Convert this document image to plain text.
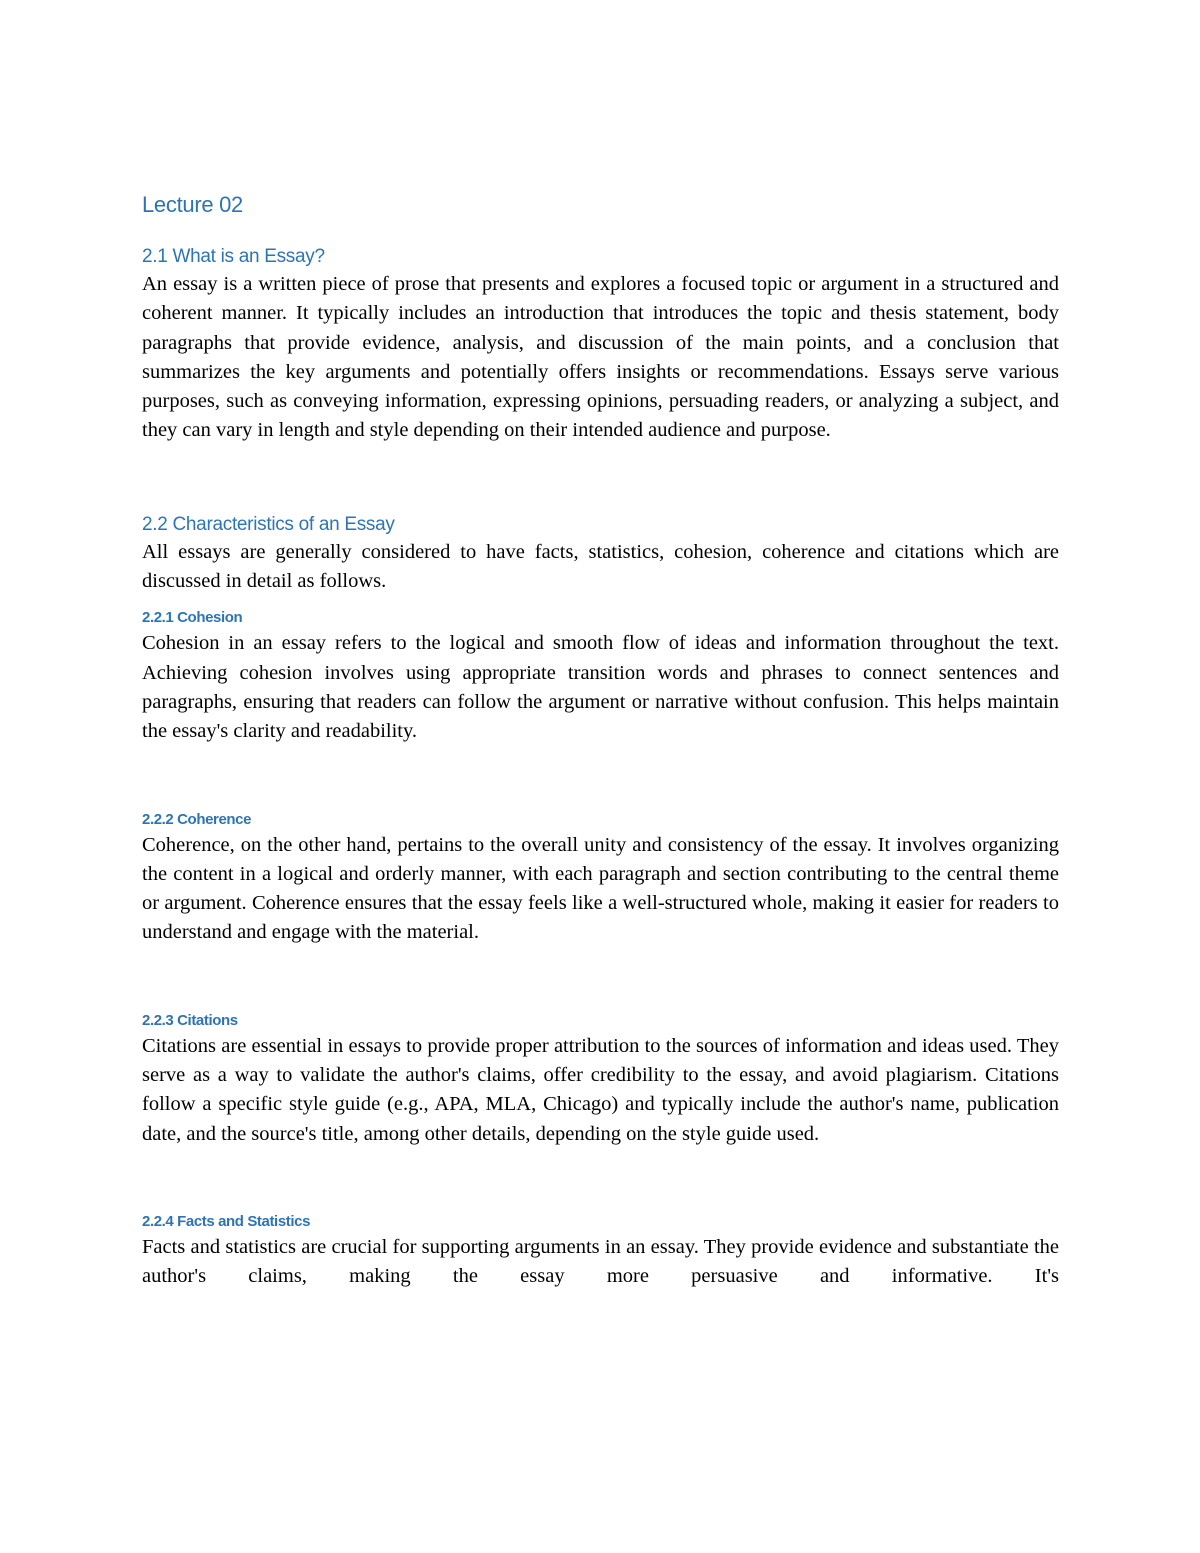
Lecture 02
2.1 What is an Essay?

An essay is a written piece of prose that presents and explores a focused topic or argument in a structured and coherent manner. It typically includes an introduction that introduces the topic and thesis statement, body paragraphs that provide evidence, analysis, and discussion of the main points, and a conclusion that summarizes the key arguments and potentially offers insights or recommendations. Essays serve various purposes, such as conveying information, expressing opinions, persuading readers, or analyzing a subject, and they can vary in length and style depending on their intended audience and purpose.

2.2 Characteristics of an Essay

All essays are generally considered to have facts, statistics, cohesion, coherence and citations which are discussed in detail as follows.

2.2.1 Cohesion

Cohesion in an essay refers to the logical and smooth flow of ideas and information throughout the text. Achieving cohesion involves using appropriate transition words and phrases to connect sentences and paragraphs, ensuring that readers can follow the argument or narrative without confusion. This helps maintain the essay's clarity and readability.

2.2.2 Coherence

Coherence, on the other hand, pertains to the overall unity and consistency of the essay. It involves organizing the content in a logical and orderly manner, with each paragraph and section contributing to the central theme or argument. Coherence ensures that the essay feels like a well-structured whole, making it easier for readers to understand and engage with the material.

2.2.3 Citations

Citations are essential in essays to provide proper attribution to the sources of information and ideas used. They serve as a way to validate the author's claims, offer credibility to the essay, and avoid plagiarism. Citations follow a specific style guide (e.g., APA, MLA, Chicago) and typically include the author's name, publication date, and the source's title, among other details, depending on the style guide used.

2.2.4 Facts and Statistics

Facts and statistics are crucial for supporting arguments in an essay. They provide evidence and substantiate the author's claims, making the essay more persuasive and informative. It's
